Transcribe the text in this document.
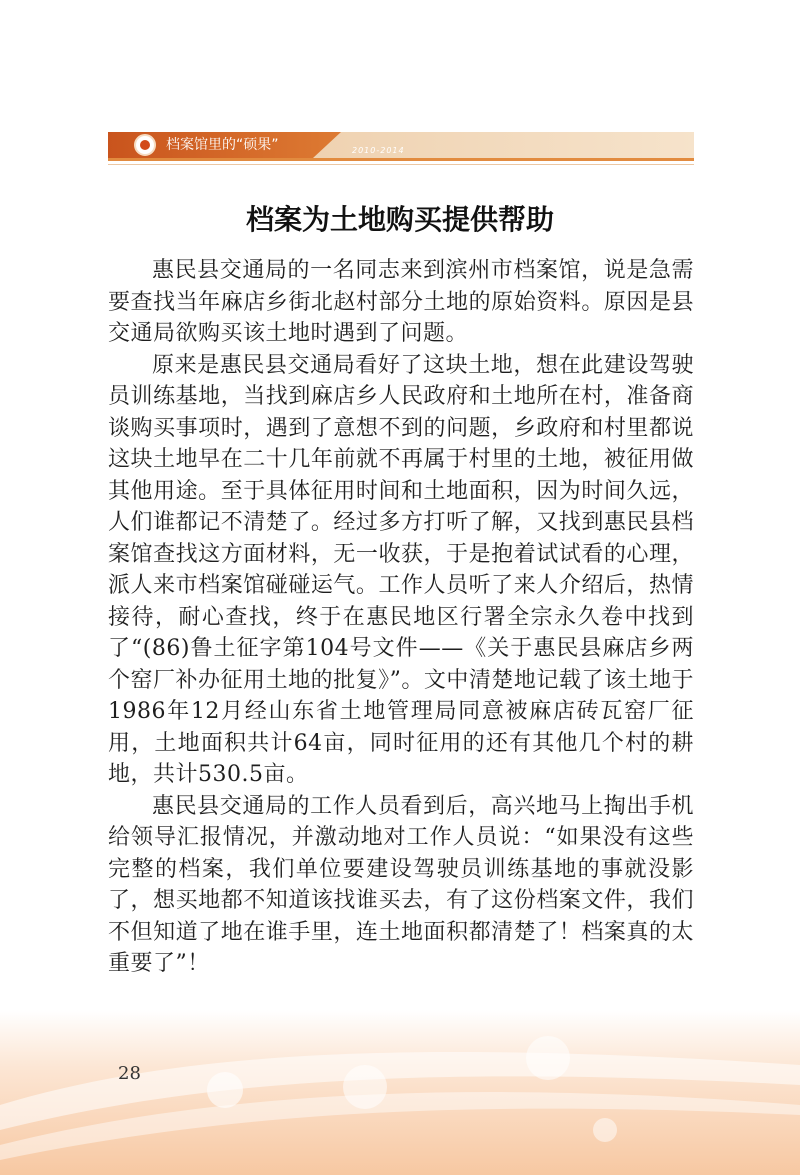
档案馆里的“硕果”	2010-2014
档案为土地购买提供帮助

惠民县交通局的一名同志来到滨州市档案馆，说是急需要查找当年麻店乡街北赵村部分土地的原始资料。原因是县交通局欲购买该土地时遇到了问题。

原来是惠民县交通局看好了这块土地，想在此建设驾驶员训练基地，当找到麻店乡人民政府和土地所在村，准备商谈购买事项时，遇到了意想不到的问题，乡政府和村里都说这块土地早在二十几年前就不再属于村里的土地，被征用做其他用途。至于具体征用时间和土地面积，因为时间久远，人们谁都记不清楚了。经过多方打听了解，又找到惠民县档案馆查找这方面材料，无一收获，于是抱着试试看的心理，派人来市档案馆碰碰运气。工作人员听了来人介绍后，热情接待，耐心查找，终于在惠民地区行署全宗永久卷中找到了“(86)鲁土征字第104号文件——《关于惠民县麻店乡两个窑厂补办征用土地的批复》”。文中清楚地记载了该土地于1986年12月经山东省土地管理局同意被麻店砖瓦窑厂征用，土地面积共计64亩，同时征用的还有其他几个村的耕地，共计530.5亩。

惠民县交通局的工作人员看到后，高兴地马上掏出手机给领导汇报情况，并激动地对工作人员说：“如果没有这些完整的档案，我们单位要建设驾驶员训练基地的事就没影了，想买地都不知道该找谁买去，有了这份档案文件，我们不但知道了地在谁手里，连土地面积都清楚了！档案真的太重要了”！

28
